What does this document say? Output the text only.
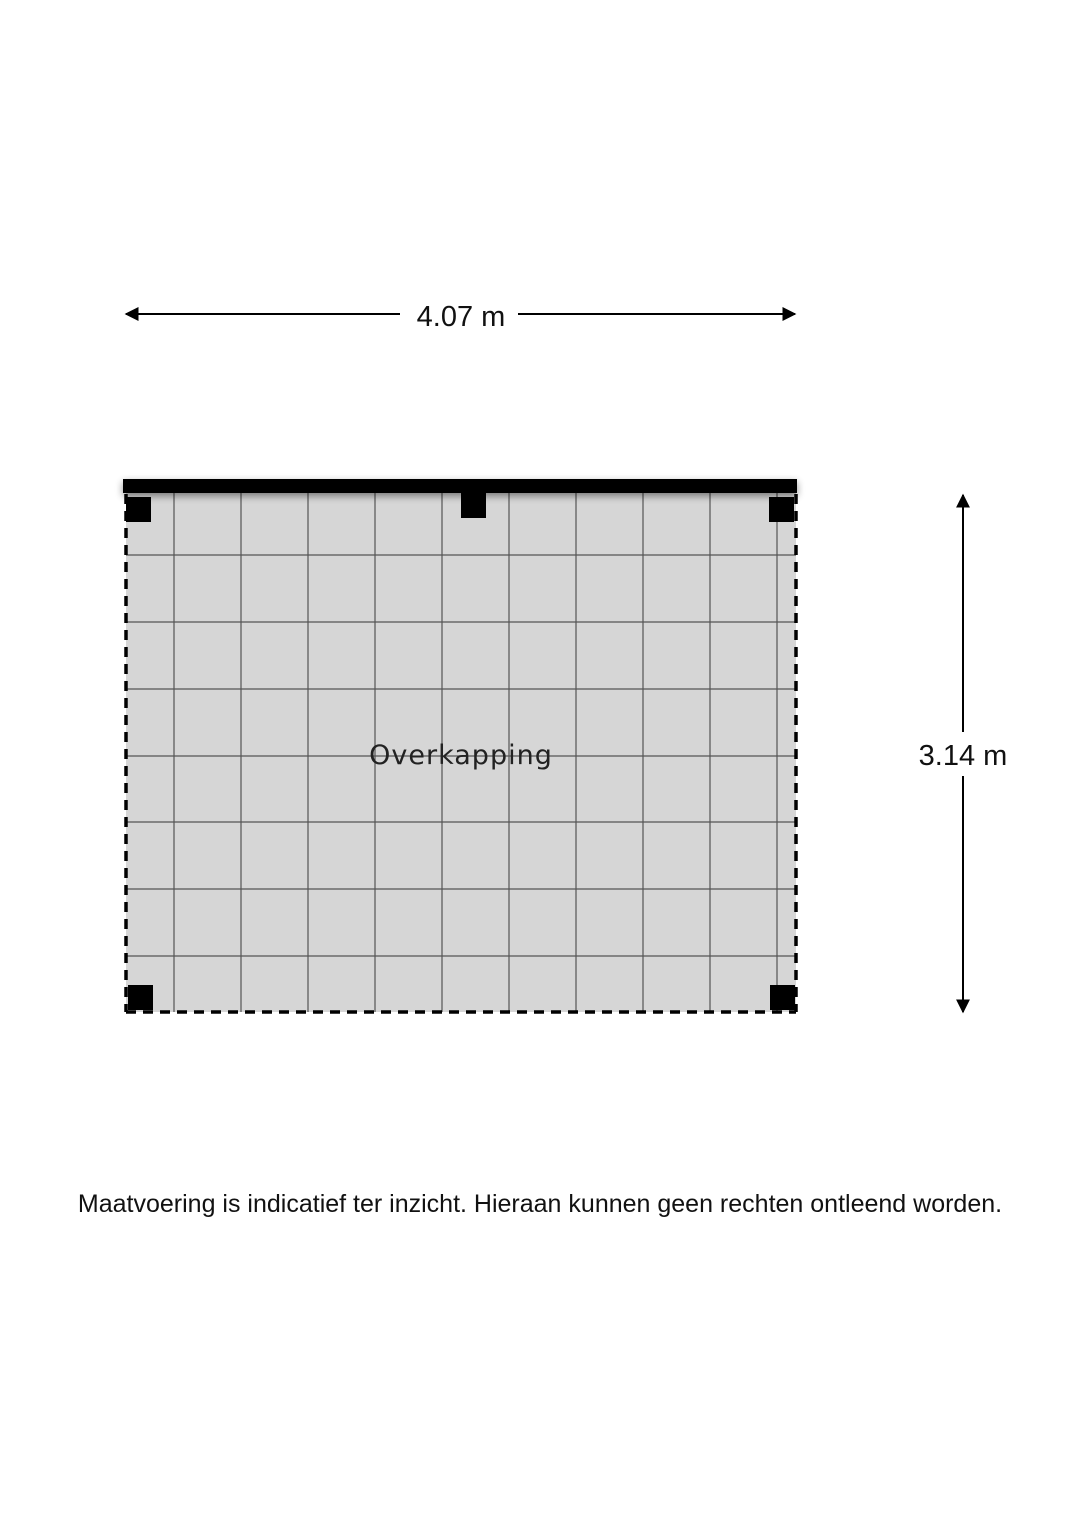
4.07 m
Overkapping	3.14 m
Maatvoering is indicatief ter inzicht. Hieraan kunnen geen rechten ontleend worden.
